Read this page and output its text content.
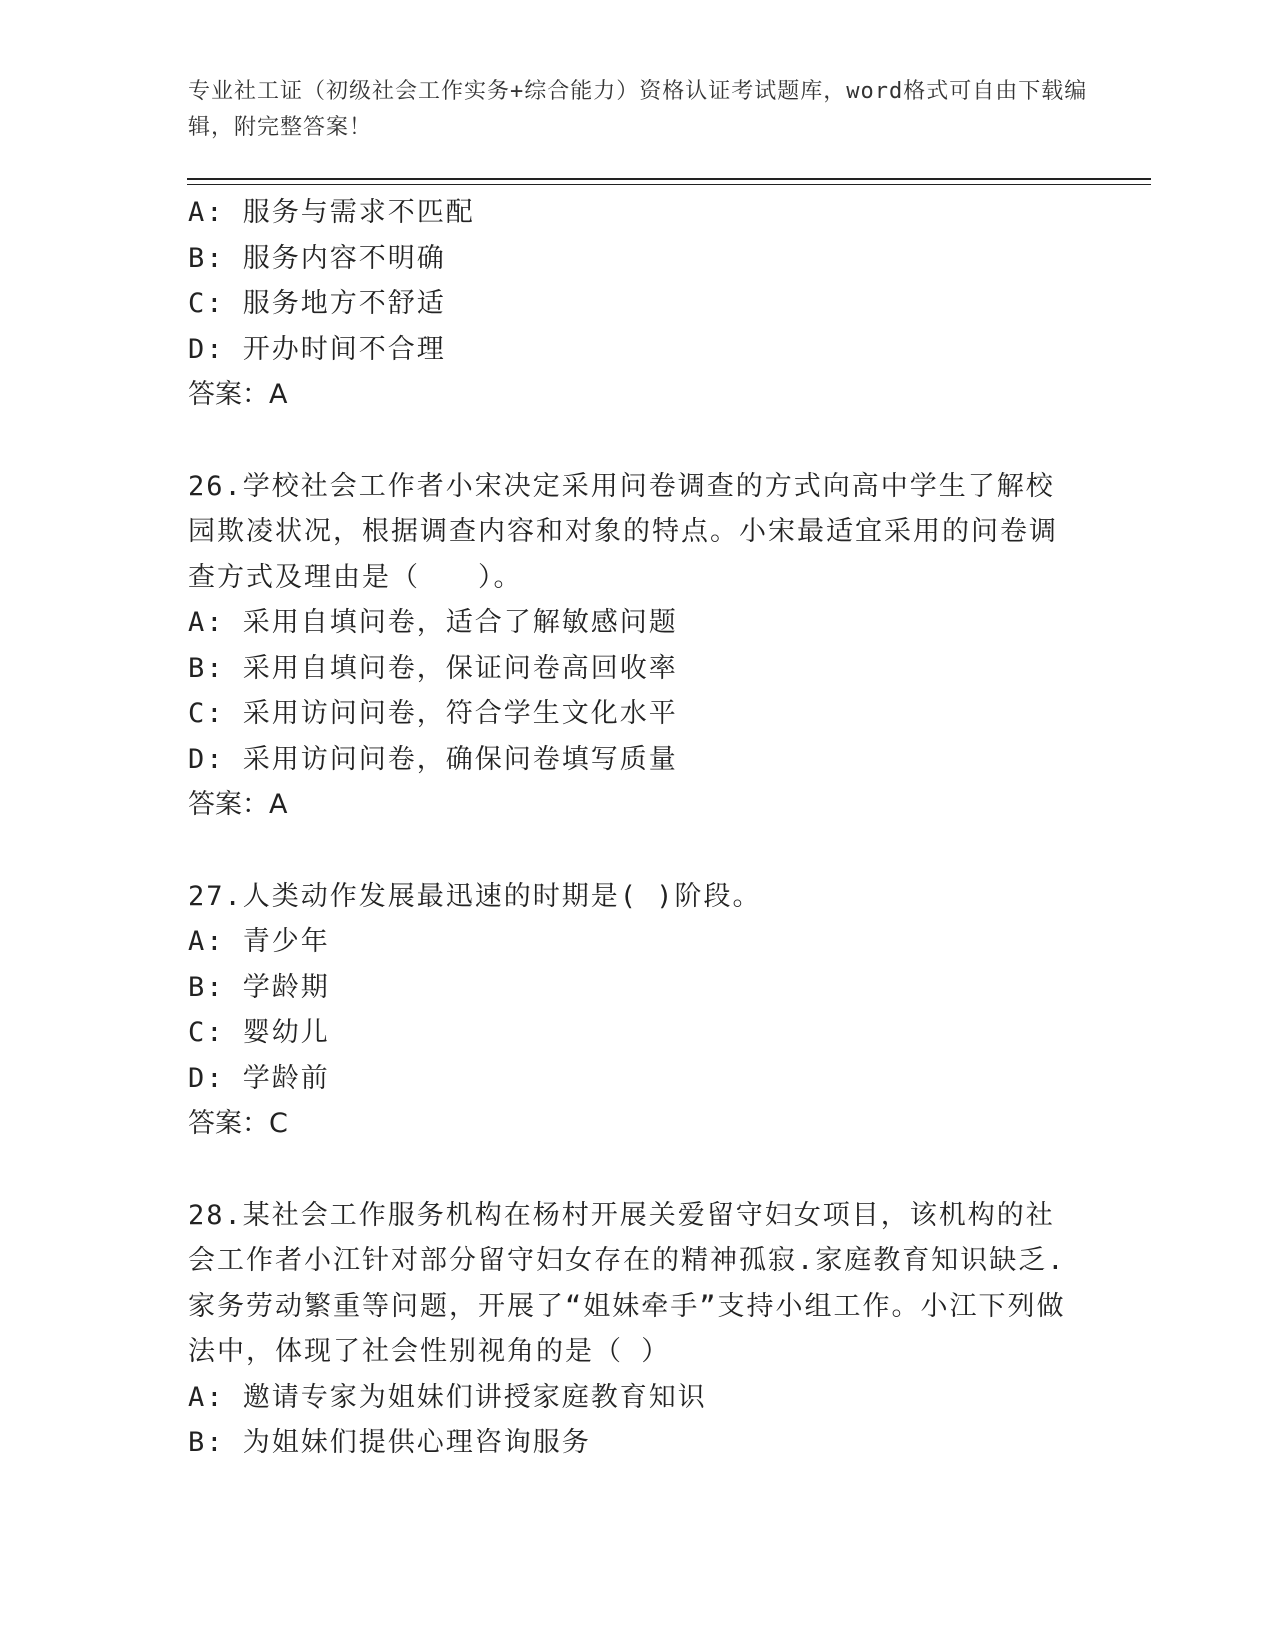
专业社工证（初级社会工作实务+综合能力）资格认证考试题库，word格式可自由下载编辑，附完整答案！
A: 服务与需求不匹配
B: 服务内容不明确
C: 服务地方不舒适
D: 开办时间不合理
答案：A
26.学校社会工作者小宋决定采用问卷调查的方式向高中学生了解校园欺凌状况，根据调查内容和对象的特点。小宋最适宜采用的问卷调查方式及理由是（　　）。
A: 采用自填问卷，适合了解敏感问题
B: 采用自填问卷，保证问卷高回收率
C: 采用访问问卷，符合学生文化水平
D: 采用访问问卷，确保问卷填写质量
答案：A
27.人类动作发展最迅速的时期是( )阶段。
A: 青少年
B: 学龄期
C: 婴幼儿
D: 学龄前
答案：C
28.某社会工作服务机构在杨村开展关爱留守妇女项目，该机构的社会工作者小江针对部分留守妇女存在的精神孤寂.家庭教育知识缺乏.家务劳动繁重等问题，开展了“姐妹牵手”支持小组工作。小江下列做法中，体现了社会性别视角的是（ ）
A: 邀请专家为姐妹们讲授家庭教育知识
B: 为姐妹们提供心理咨询服务
